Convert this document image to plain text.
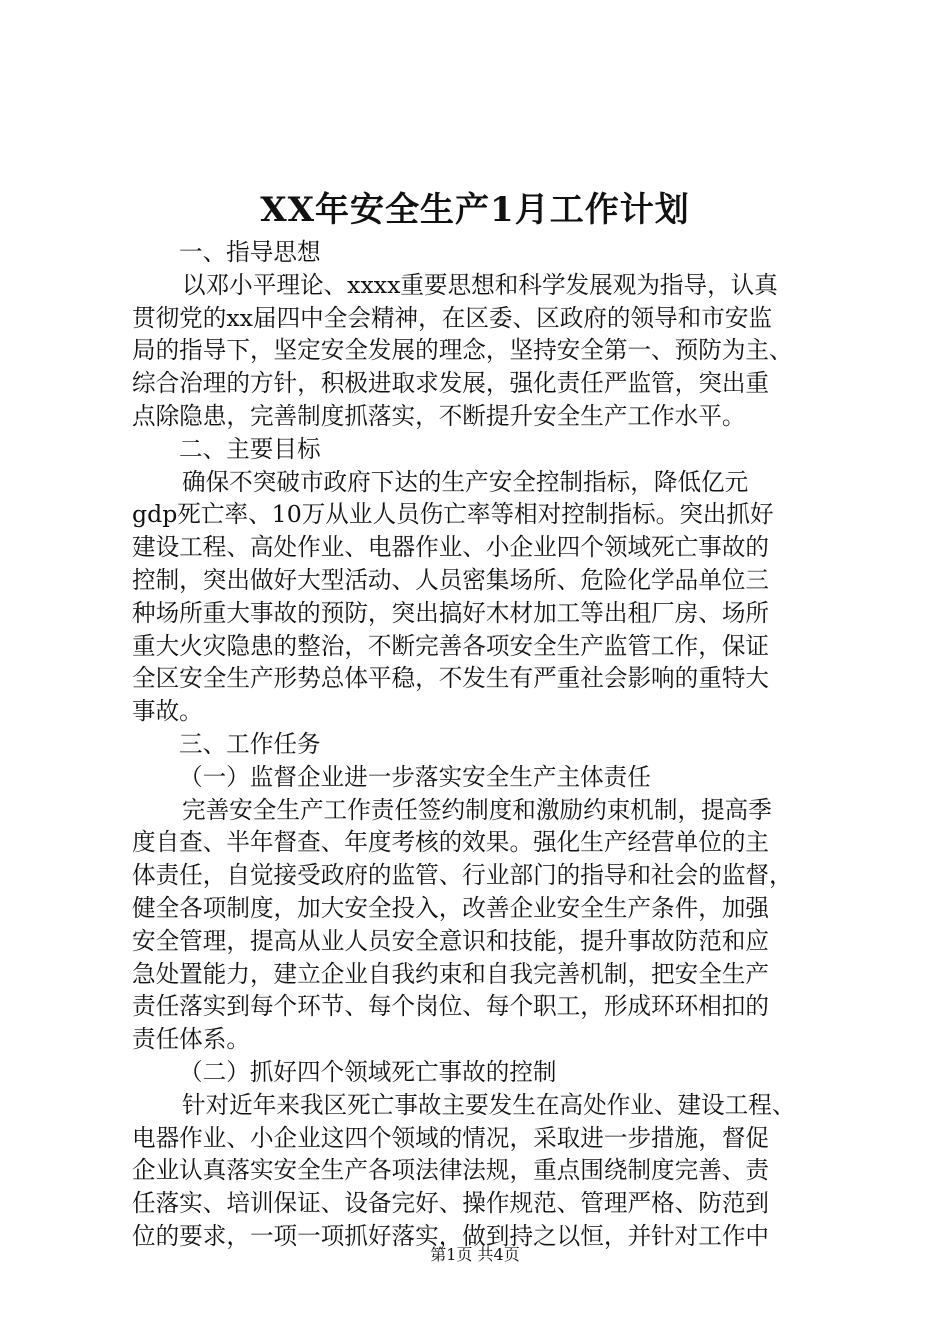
XX年安全生产1月工作计划
一、指导思想
以邓小平理论、xxxx重要思想和科学发展观为指导，认真
贯彻党的xx届四中全会精神，在区委、区政府的领导和市安监
局的指导下，坚定安全发展的理念，坚持安全第一、预防为主、
综合治理的方针，积极进取求发展，强化责任严监管，突出重
点除隐患，完善制度抓落实，不断提升安全生产工作水平。
二、主要目标
确保不突破市政府下达的生产安全控制指标，降低亿元
gdp死亡率、10万从业人员伤亡率等相对控制指标。突出抓好
建设工程、高处作业、电器作业、小企业四个领域死亡事故的
控制，突出做好大型活动、人员密集场所、危险化学品单位三
种场所重大事故的预防，突出搞好木材加工等出租厂房、场所
重大火灾隐患的整治，不断完善各项安全生产监管工作，保证
全区安全生产形势总体平稳，不发生有严重社会影响的重特大
事故。
三、工作任务
（一）监督企业进一步落实安全生产主体责任
完善安全生产工作责任签约制度和激励约束机制，提高季
度自查、半年督查、年度考核的效果。强化生产经营单位的主
体责任，自觉接受政府的监管、行业部门的指导和社会的监督，
健全各项制度，加大安全投入，改善企业安全生产条件，加强
安全管理，提高从业人员安全意识和技能，提升事故防范和应
急处置能力，建立企业自我约束和自我完善机制，把安全生产
责任落实到每个环节、每个岗位、每个职工，形成环环相扣的
责任体系。
（二）抓好四个领域死亡事故的控制
针对近年来我区死亡事故主要发生在高处作业、建设工程、
电器作业、小企业这四个领域的情况，采取进一步措施，督促
企业认真落实安全生产各项法律法规，重点围绕制度完善、责
任落实、培训保证、设备完好、操作规范、管理严格、防范到
位的要求，一项一项抓好落实，做到持之以恒，并针对工作中
第1页 共4页
